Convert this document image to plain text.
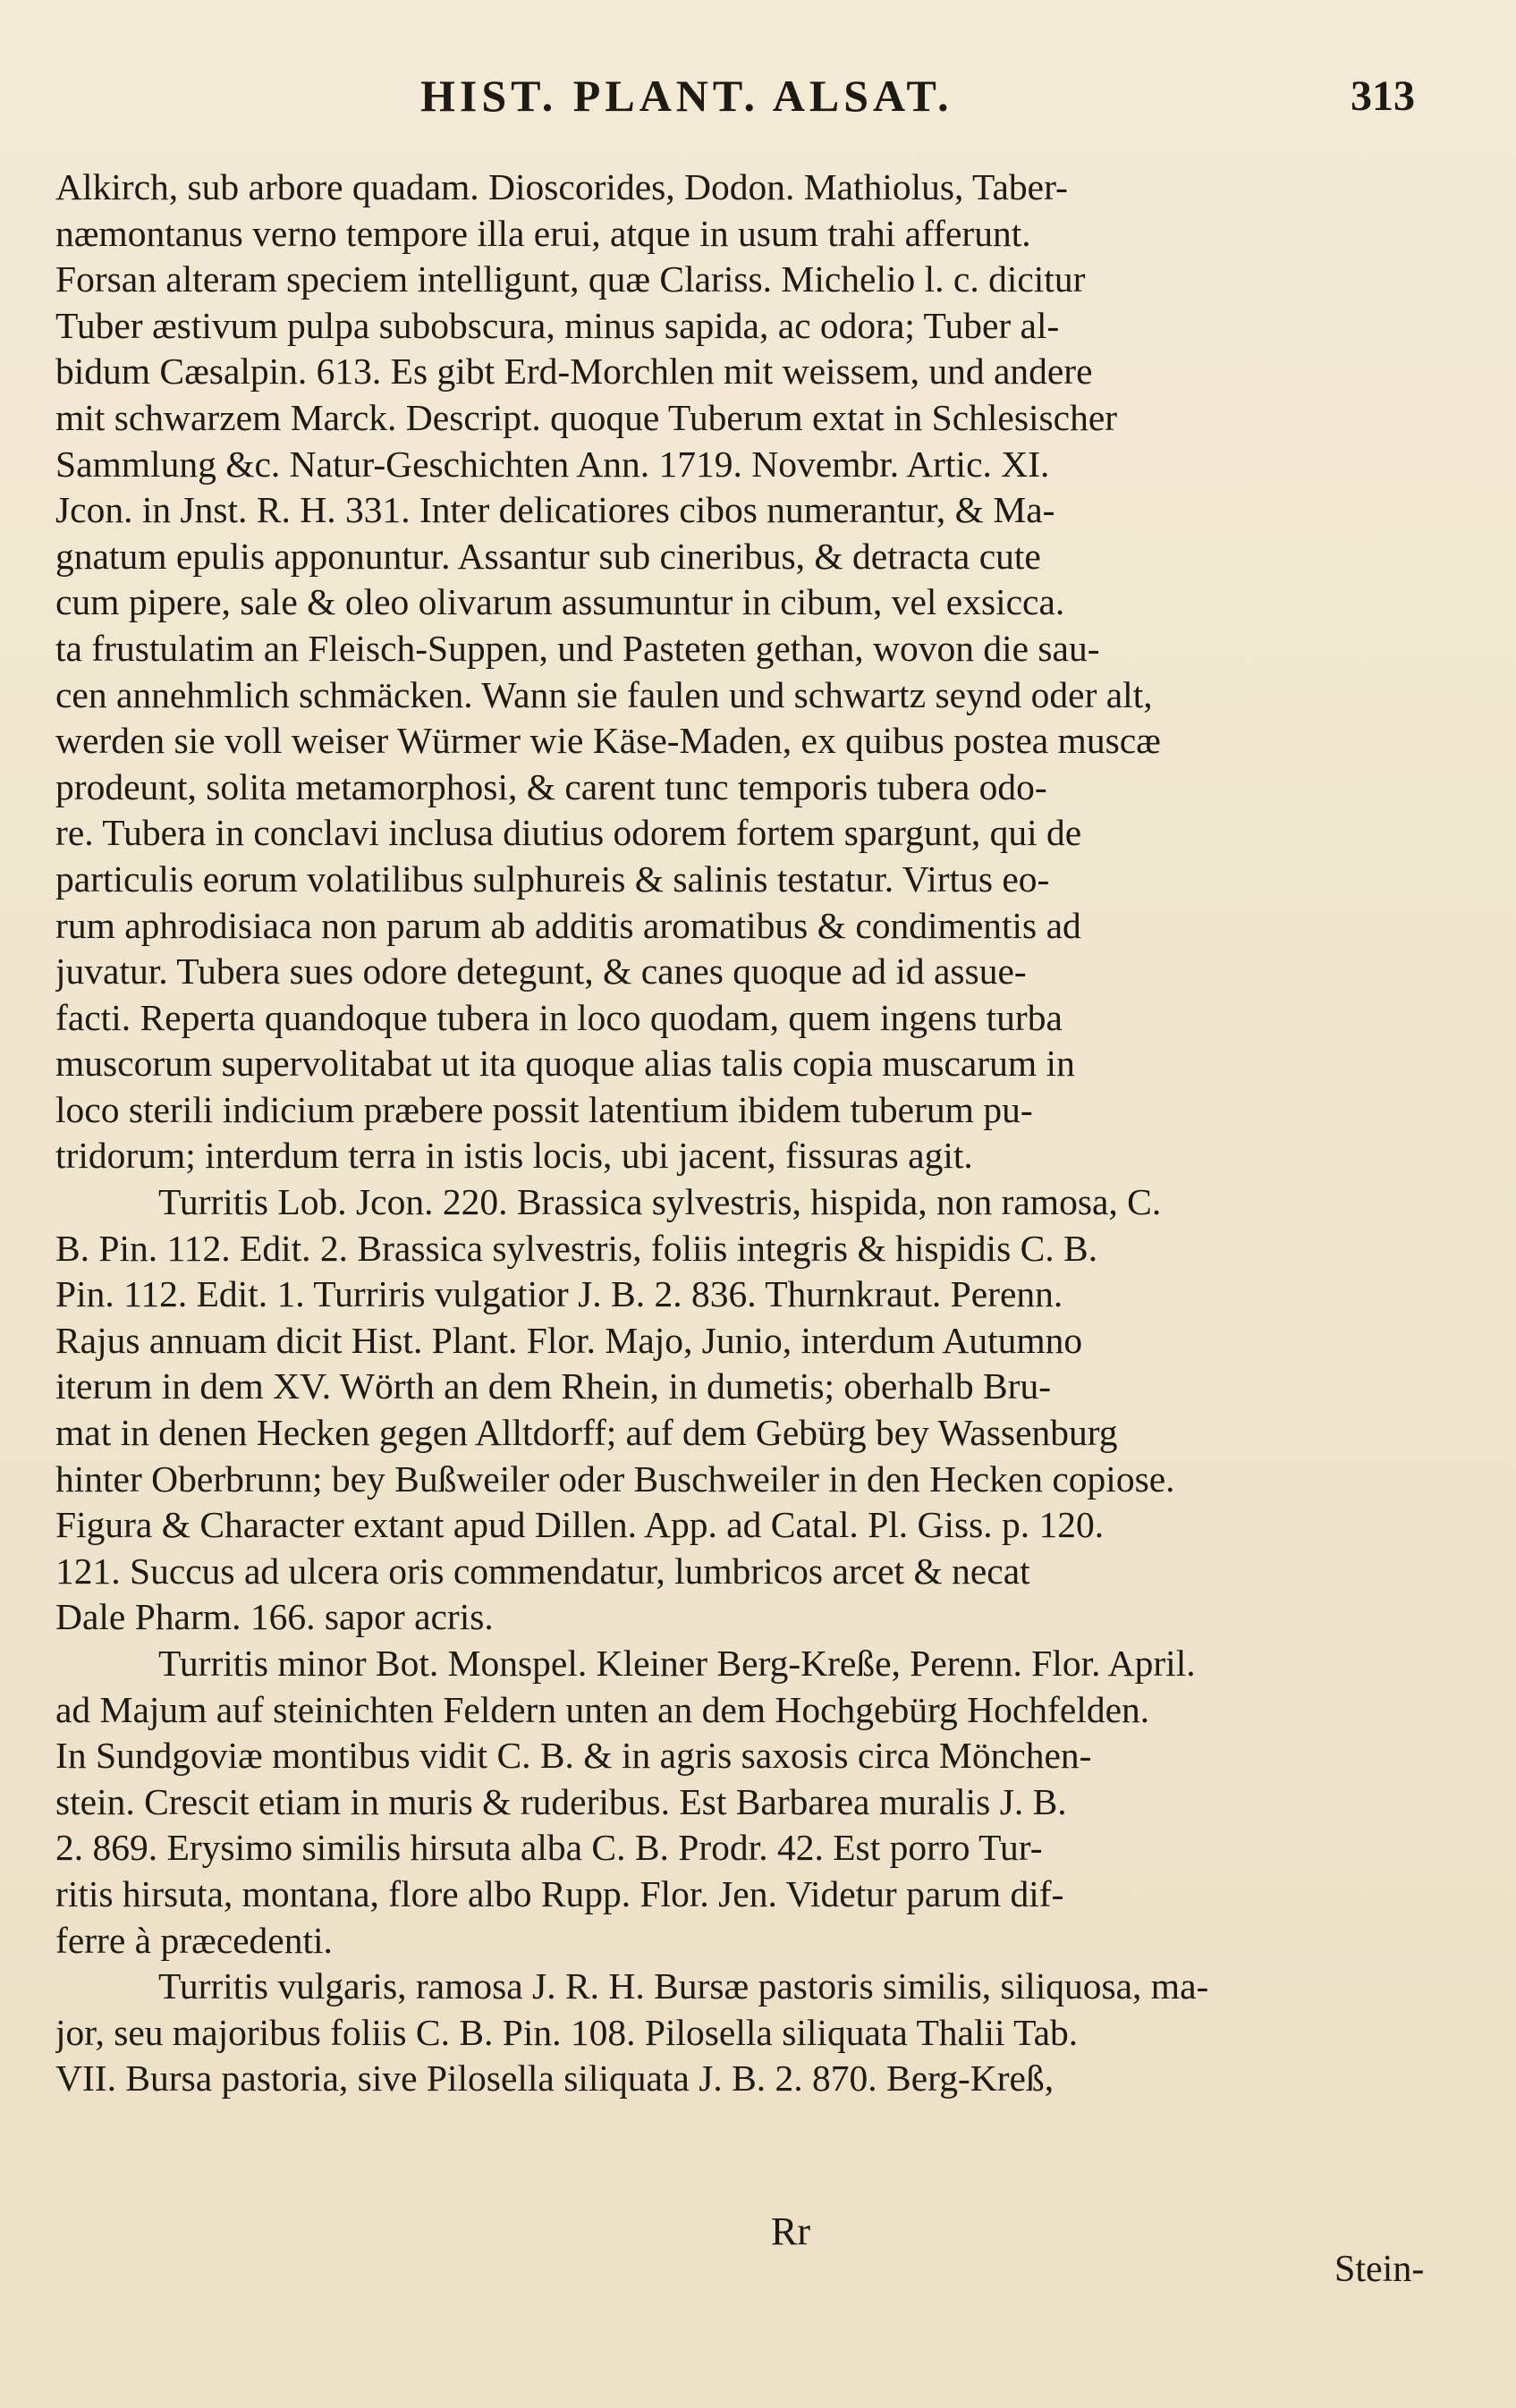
HIST. PLANT. ALSAT.	313
Alkirch, sub arbore quadam. Dioscorides, Dodon. Mathiolus, Taber-
næmontanus verno tempore illa erui, atque in usum trahi afferunt.
Forsan alteram speciem intelligunt, quæ Clariss. Michelio l. c. dicitur
Tuber æstivum pulpa subobscura, minus sapida, ac odora; Tuber al-
bidum Cæsalpin. 613. Es gibt Erd-Morchlen mit weissem, und andere
mit schwarzem Marck. Descript. quoque Tuberum extat in Schlesischer
Sammlung &c. Natur-Geschichten Ann. 1719. Novembr. Artic. XI.
Jcon. in Jnst. R. H. 331. Inter delicatiores cibos numerantur, & Ma-
gnatum epulis apponuntur. Assantur sub cineribus, & detracta cute
cum pipere, sale & oleo olivarum assumuntur in cibum, vel exsicca.
ta frustulatim an Fleisch-Suppen, und Pasteten gethan, wovon die sau-
cen annehmlich schmäcken. Wann sie faulen und schwartz seynd oder alt,
werden sie voll weiser Würmer wie Käse-Maden, ex quibus postea muscæ
prodeunt, solita metamorphosi, & carent tunc temporis tubera odo-
re. Tubera in conclavi inclusa diutius odorem fortem spargunt, qui de
particulis eorum volatilibus sulphureis & salinis testatur. Virtus eo-
rum aphrodisiaca non parum ab additis aromatibus & condimentis ad
juvatur. Tubera sues odore detegunt, & canes quoque ad id assue-
facti. Reperta quandoque tubera in loco quodam, quem ingens turba
muscorum supervolitabat ut ita quoque alias talis copia muscarum in
loco sterili indicium præbere possit latentium ibidem tuberum pu-
tridorum; interdum terra in istis locis, ubi jacent, fissuras agit.
Turritis Lob. Jcon. 220. Brassica sylvestris, hispida, non ramosa, C.
B. Pin. 112. Edit. 2. Brassica sylvestris, foliis integris & hispidis C. B.
Pin. 112. Edit. 1. Turriris vulgatior J. B. 2. 836. Thurnkraut. Perenn.
Rajus annuam dicit Hist. Plant. Flor. Majo, Junio, interdum Autumno
iterum in dem XV. Wörth an dem Rhein, in dumetis; oberhalb Bru-
mat in denen Hecken gegen Alltdorff; auf dem Gebürg bey Wassenburg
hinter Oberbrunn; bey Bußweiler oder Buschweiler in den Hecken copiose.
Figura & Character extant apud Dillen. App. ad Catal. Pl. Giss. p. 120.
121. Succus ad ulcera oris commendatur, lumbricos arcet & necat
Dale Pharm. 166. sapor acris.
Turritis minor Bot. Monspel. Kleiner Berg-Kreße, Perenn. Flor. April.
ad Majum auf steinichten Feldern unten an dem Hochgebürg Hochfelden.
In Sundgoviæ montibus vidit C. B. & in agris saxosis circa Mönchen-
stein. Crescit etiam in muris & ruderibus. Est Barbarea muralis J. B.
2. 869. Erysimo similis hirsuta alba C. B. Prodr. 42. Est porro Tur-
ritis hirsuta, montana, flore albo Rupp. Flor. Jen. Videtur parum dif-
ferre à præcedenti.
Turritis vulgaris, ramosa J. R. H. Bursæ pastoris similis, siliquosa, ma-
jor, seu majoribus foliis C. B. Pin. 108. Pilosella siliquata Thalii Tab.
VII. Bursa pastoria, sive Pilosella siliquata J. B. 2. 870. Berg-Kreß,
Rr
Stein-
